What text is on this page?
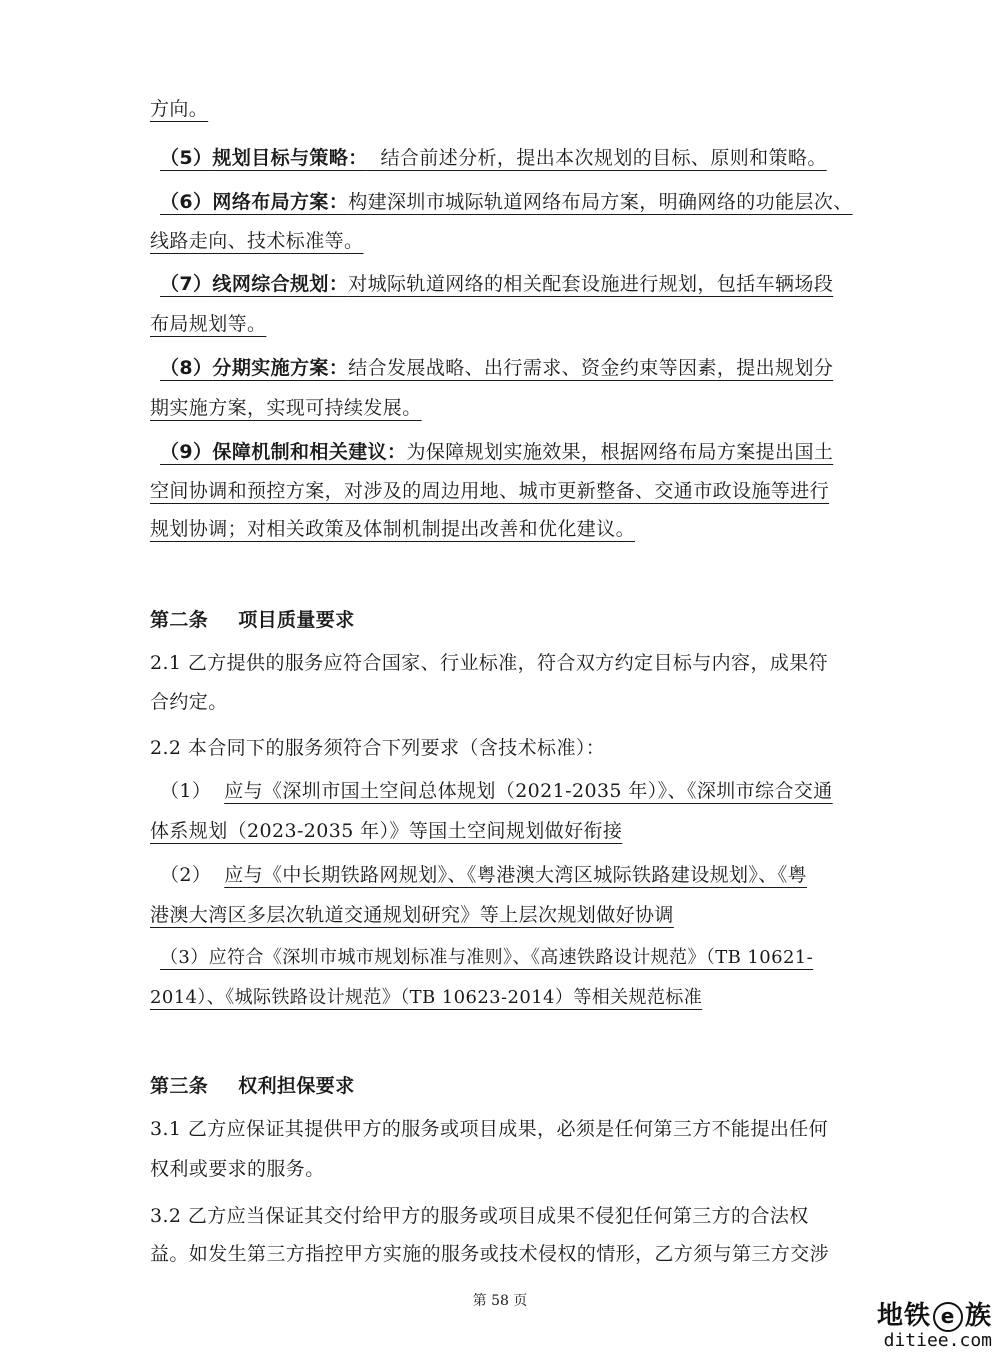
方向。
（5）规划目标与策略： 结合前述分析，提出本次规划的目标、原则和策略。
（6）网络布局方案：构建深圳市城际轨道网络布局方案，明确网络的功能层次、
线路走向、技术标准等。
（7）线网综合规划：对城际轨道网络的相关配套设施进行规划，包括车辆场段
布局规划等。
（8）分期实施方案：结合发展战略、出行需求、资金约束等因素，提出规划分
期实施方案，实现可持续发展。
（9）保障机制和相关建议：为保障规划实施效果，根据网络布局方案提出国土
空间协调和预控方案，对涉及的周边用地、城市更新整备、交通市政设施等进行
规划协调；对相关政策及体制机制提出改善和优化建议。
第二条 项目质量要求
2.1 乙方提供的服务应符合国家、行业标准，符合双方约定目标与内容，成果符
合约定。
2.2 本合同下的服务须符合下列要求（含技术标准）：
（1） 应与《深圳市国土空间总体规划（2021-2035 年）》、《深圳市综合交通
体系规划（2023-2035 年）》等国土空间规划做好衔接
（2） 应与《中长期铁路网规划》、《粤港澳大湾区城际铁路建设规划》、《粤
港澳大湾区多层次轨道交通规划研究》等上层次规划做好协调
（3）应符合《深圳市城市规划标准与准则》、《高速铁路设计规范》（TB 10621-
2014）、《城际铁路设计规范》（TB 10623-2014）等相关规范标准
第三条 权利担保要求
3.1 乙方应保证其提供甲方的服务或项目成果，必须是任何第三方不能提出任何
权利或要求的服务。
3.2 乙方应当保证其交付给甲方的服务或项目成果不侵犯任何第三方的合法权
益。如发生第三方指控甲方实施的服务或技术侵权的情形，乙方须与第三方交涉
第 58 页	地铁 e 族
ditiee.com
